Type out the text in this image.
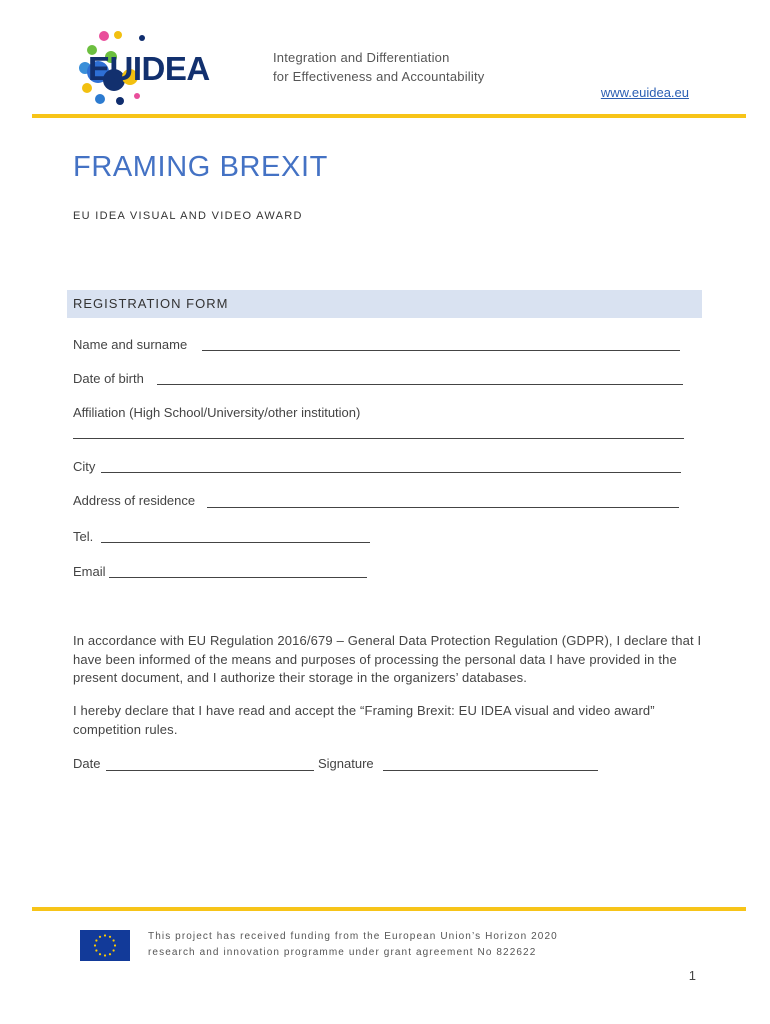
EUIDEA	Integration and Differentiation
for Effectiveness and Accountability
www.euidea.eu
FRAMING BREXIT
EU IDEA VISUAL AND VIDEO AWARD
REGISTRATION FORM
Name and surname
Date of birth
Affiliation (High School/University/other institution)
City
Address of residence
Tel.
Email
In accordance with EU Regulation 2016/679 – General Data Protection Regulation (GDPR), I declare that I have been informed of the means and purposes of processing the personal data I have provided in the present document, and I authorize their storage in the organizers’ databases.
I hereby declare that I have read and accept the “Framing Brexit: EU IDEA visual and video award” competition rules.
Date	Signature
This project has received funding from the European Union’s Horizon 2020
research and innovation programme under grant agreement No 822622
1
